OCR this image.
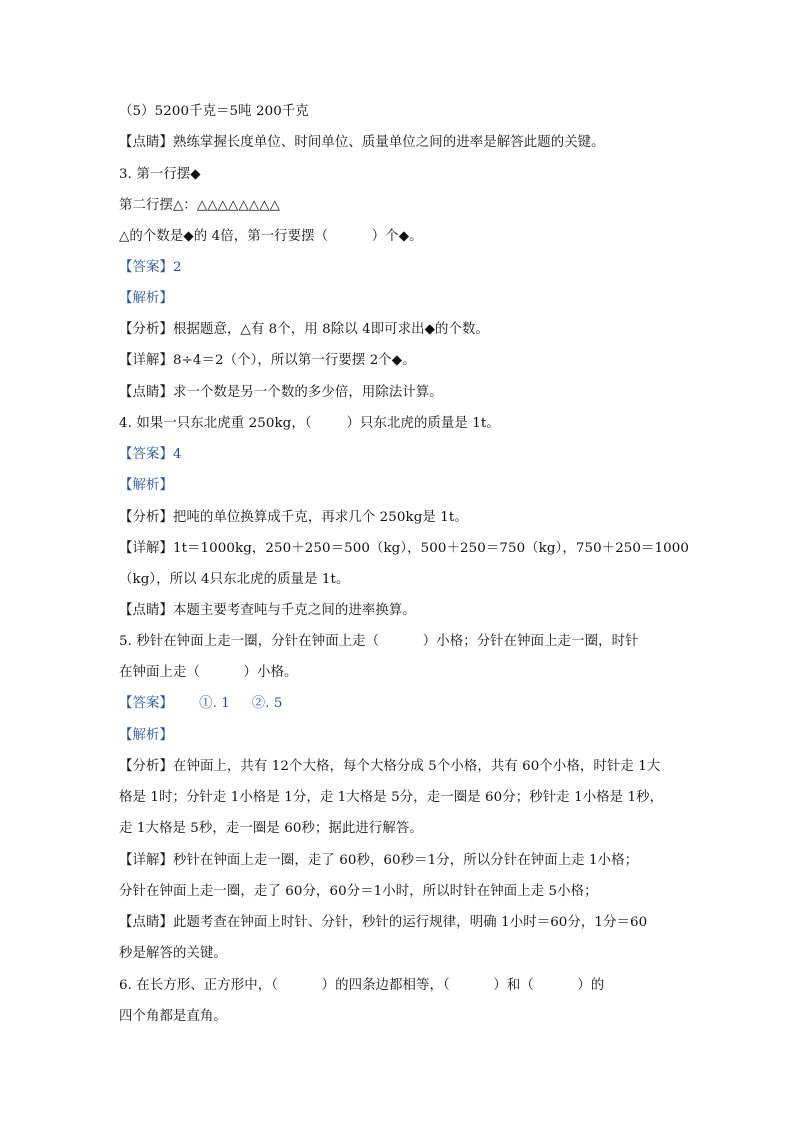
（5）5200千克＝5吨 200千克
【点睛】熟练掌握长度单位、时间单位、质量单位之间的进率是解答此题的关键。
3. 第一行摆◆
第二行摆△：△△△△△△△△
△的个数是◆的 4倍，第一行要摆（          ）个◆。
【答案】2
【解析】
【分析】根据题意，△有 8个，用 8除以 4即可求出◆的个数。
【详解】8÷4＝2（个），所以第一行要摆 2个◆。
【点睛】求一个数是另一个数的多少倍，用除法计算。
4. 如果一只东北虎重 250kg，（        ）只东北虎的质量是 1t。
【答案】4
【解析】
【分析】把吨的单位换算成千克，再求几个 250kg是 1t。
【详解】1t＝1000kg，250＋250＝500（kg），500＋250＝750（kg），750＋250＝1000
（kg），所以 4只东北虎的质量是 1t。
【点睛】本题主要考查吨与千克之间的进率换算。
5. 秒针在钟面上走一圈，分针在钟面上走（          ）小格；分针在钟面上走一圈，时针
在钟面上走（          ）小格。
【答案】      ①. 1     ②. 5
【解析】
【分析】在钟面上，共有 12个大格，每个大格分成 5个小格，共有 60个小格，时针走 1大
格是 1时；分针走 1小格是 1分，走 1大格是 5分，走一圈是 60分；秒针走 1小格是 1秒，
走 1大格是 5秒，走一圈是 60秒；据此进行解答。
【详解】秒针在钟面上走一圈，走了 60秒，60秒＝1分，所以分针在钟面上走 1小格；
分针在钟面上走一圈，走了 60分，60分＝1小时，所以时针在钟面上走 5小格；
【点睛】此题考查在钟面上时针、分针，秒针的运行规律，明确 1小时＝60分，1分＝60
秒是解答的关键。
6. 在长方形、正方形中，（          ）的四条边都相等，（          ）和（          ）的
四个角都是直角。
